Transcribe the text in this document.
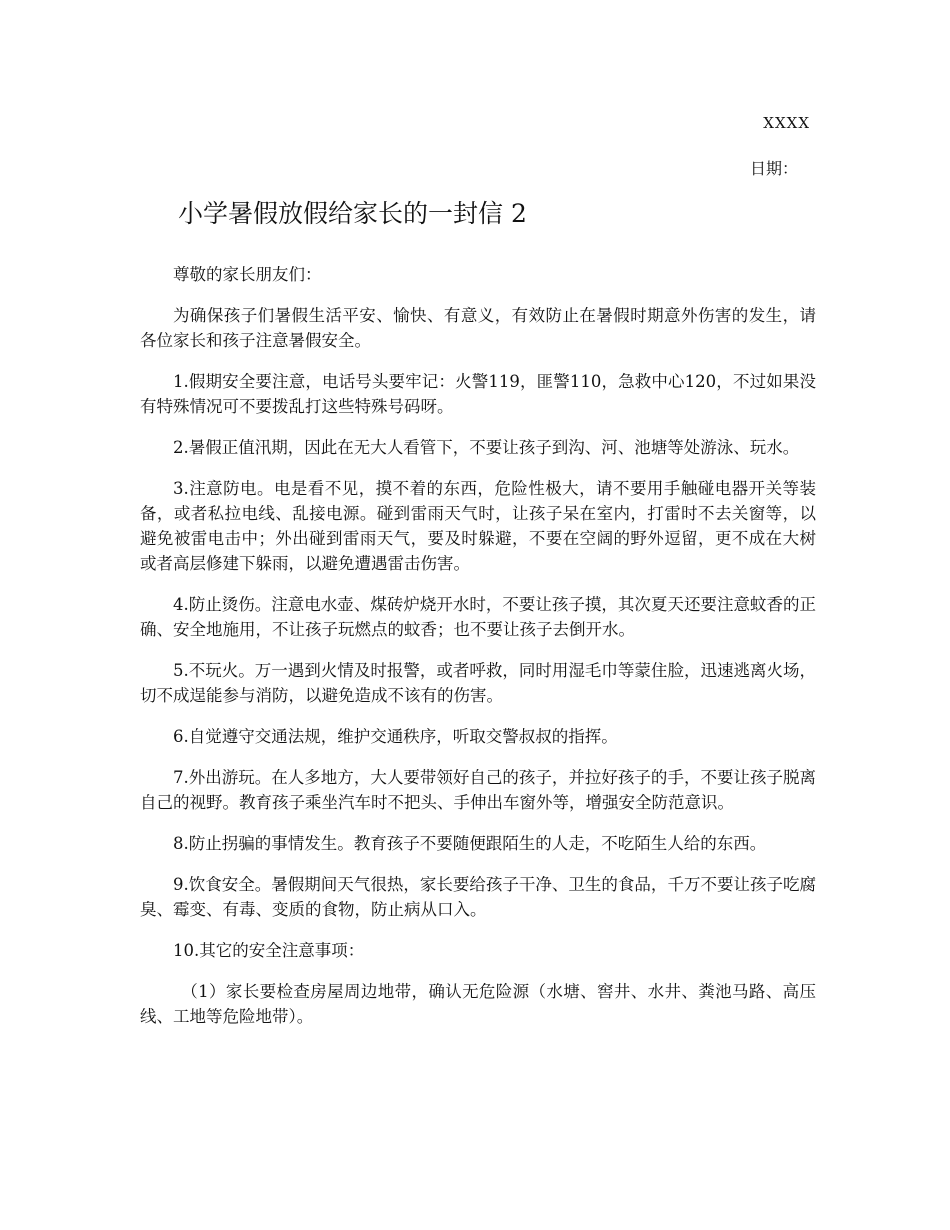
XXXX
日期：
小学暑假放假给家长的一封信 2

尊敬的家长朋友们：

为确保孩子们暑假生活平安、愉快、有意义，有效防止在暑假时期意外伤害的发生，请各位家长和孩子注意暑假安全。

1.假期安全要注意，电话号头要牢记：火警119，匪警110，急救中心120，不过如果没有特殊情况可不要拨乱打这些特殊号码呀。

2.暑假正值汛期，因此在无大人看管下，不要让孩子到沟、河、池塘等处游泳、玩水。

3.注意防电。电是看不见，摸不着的东西，危险性极大，请不要用手触碰电器开关等装备，或者私拉电线、乱接电源。碰到雷雨天气时，让孩子呆在室内，打雷时不去关窗等，以避免被雷电击中；外出碰到雷雨天气，要及时躲避，不要在空阔的野外逗留，更不成在大树或者高层修建下躲雨，以避免遭遇雷击伤害。

4.防止烫伤。注意电水壶、煤砖炉烧开水时，不要让孩子摸，其次夏天还要注意蚊香的正确、安全地施用，不让孩子玩燃点的蚊香；也不要让孩子去倒开水。

5.不玩火。万一遇到火情及时报警，或者呼救，同时用湿毛巾等蒙住脸，迅速逃离火场，切不成逞能参与消防，以避免造成不该有的伤害。

6.自觉遵守交通法规，维护交通秩序，听取交警叔叔的指挥。

7.外出游玩。在人多地方，大人要带领好自己的孩子，并拉好孩子的手，不要让孩子脱离自己的视野。教育孩子乘坐汽车时不把头、手伸出车窗外等，增强安全防范意识。

8.防止拐骗的事情发生。教育孩子不要随便跟陌生的人走，不吃陌生人给的东西。

9.饮食安全。暑假期间天气很热，家长要给孩子干净、卫生的食品，千万不要让孩子吃腐臭、霉变、有毒、变质的食物，防止病从口入。

10.其它的安全注意事项：

（1）家长要检查房屋周边地带，确认无危险源（水塘、窖井、水井、粪池马路、高压线、工地等危险地带）。
